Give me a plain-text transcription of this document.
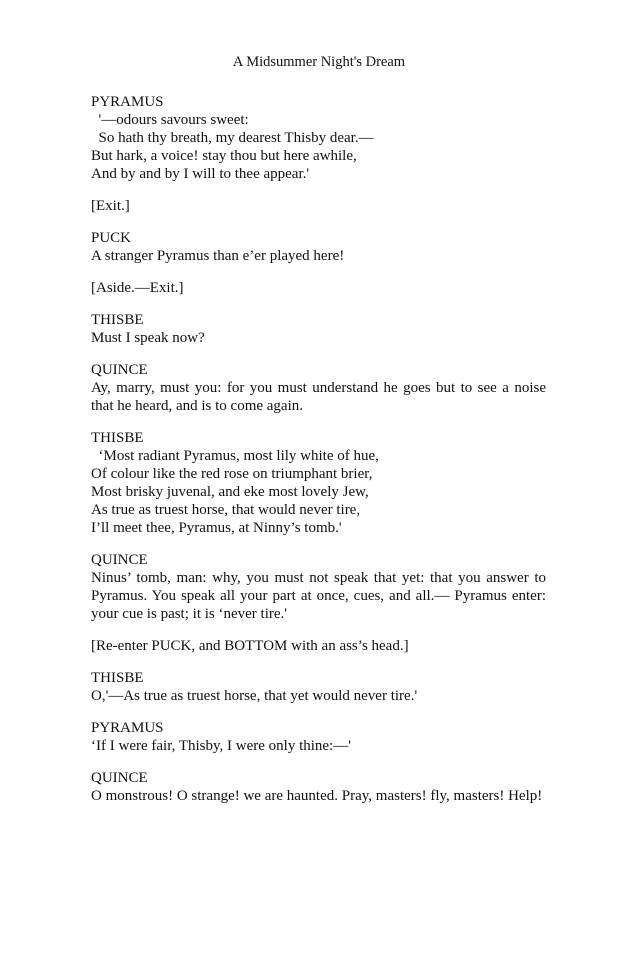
A Midsummer Night's Dream
PYRAMUS
'—odours savours sweet:
So hath thy breath, my dearest Thisby dear.—
But hark, a voice! stay thou but here awhile,
And by and by I will to thee appear.'
[Exit.]
PUCK
A stranger Pyramus than e’er played here!
[Aside.—Exit.]
THISBE
Must I speak now?
QUINCE
Ay, marry, must you: for you must understand he goes but to see a noise that he heard, and is to come again.
THISBE
‘Most radiant Pyramus, most lily white of hue,
Of colour like the red rose on triumphant brier,
Most brisky juvenal, and eke most lovely Jew,
As true as truest horse, that would never tire,
I’ll meet thee, Pyramus, at Ninny’s tomb.'
QUINCE
Ninus’ tomb, man: why, you must not speak that yet: that you answer to Pyramus. You speak all your part at once, cues, and all.— Pyramus enter: your cue is past; it is ‘never tire.'
[Re-enter PUCK, and BOTTOM with an ass’s head.]
THISBE
O,'—As true as truest horse, that yet would never tire.'
PYRAMUS
‘If I were fair, Thisby, I were only thine:—'
QUINCE
O monstrous! O strange! we are haunted. Pray, masters! fly, masters! Help!
